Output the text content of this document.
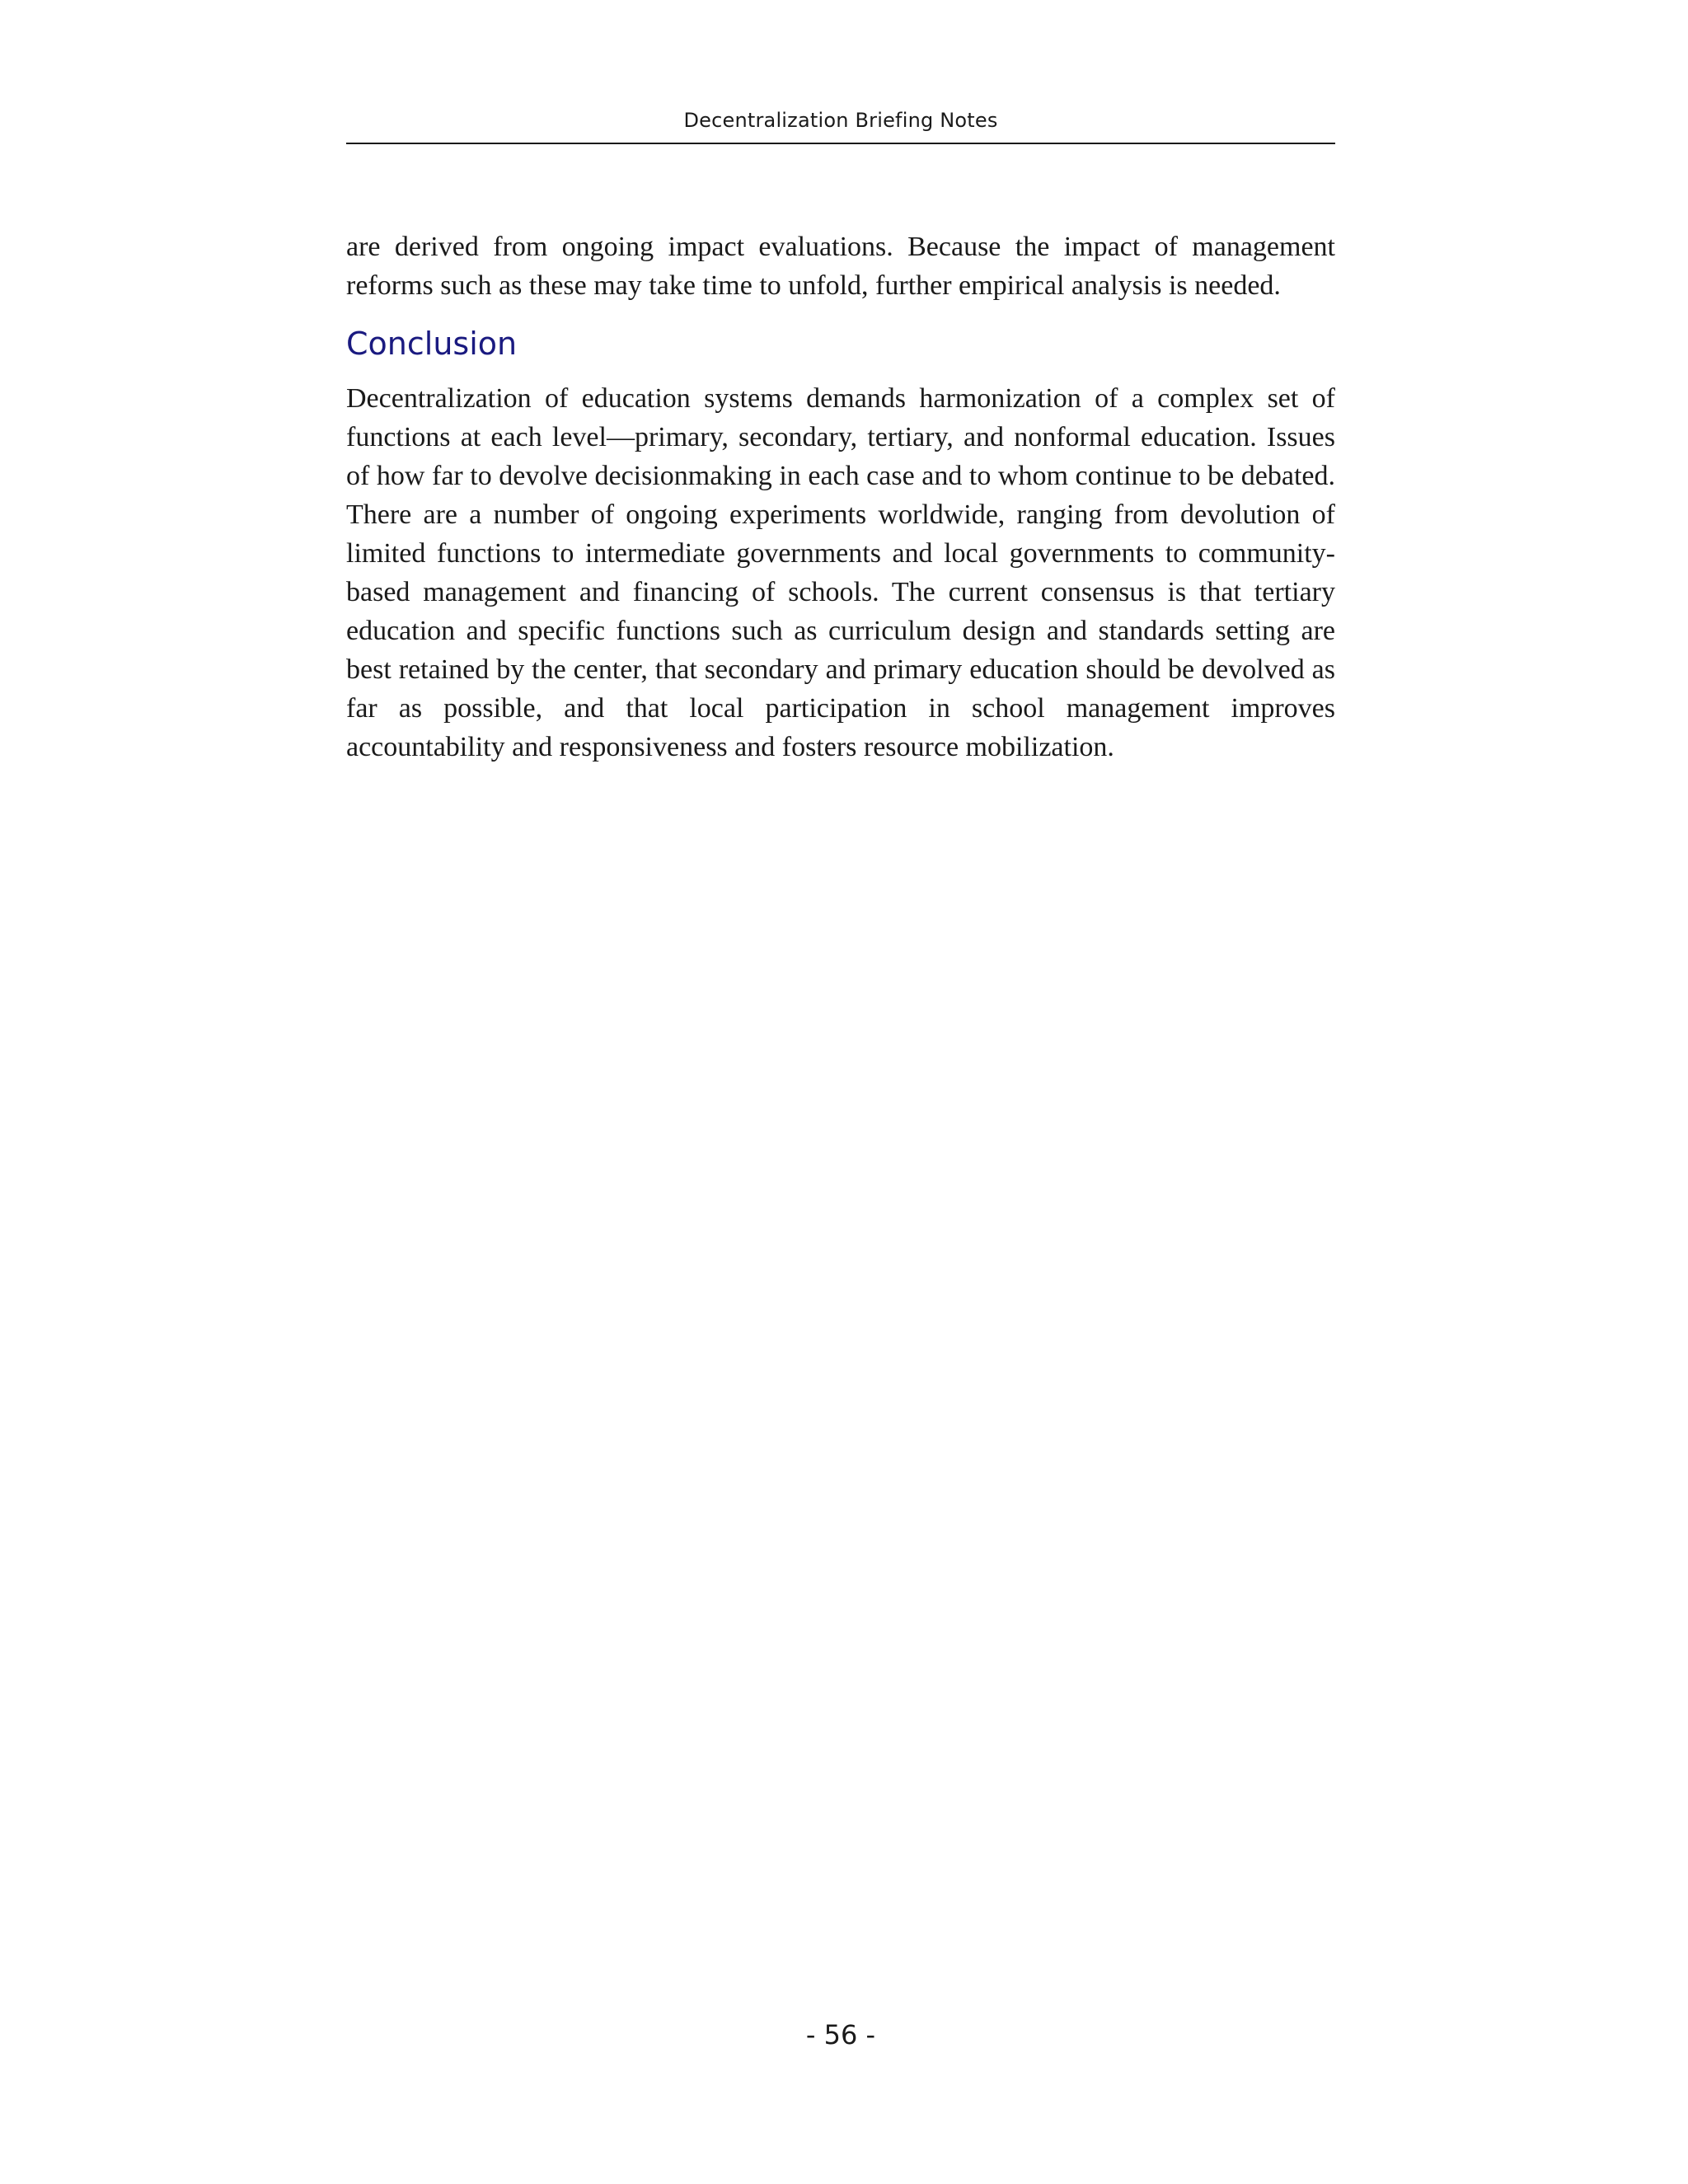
Decentralization Briefing Notes

are derived from ongoing impact evaluations. Because the impact of management reforms such as these may take time to unfold, further empirical analysis is needed.

Conclusion

Decentralization of education systems demands harmonization of a complex set of functions at each level—primary, secondary, tertiary, and nonformal education. Issues of how far to devolve decisionmaking in each case and to whom continue to be debated. There are a number of ongoing experiments worldwide, ranging from devolution of limited functions to intermediate governments and local governments to community-based management and financing of schools. The current consensus is that tertiary education and specific functions such as curriculum design and standards setting are best retained by the center, that secondary and primary education should be devolved as far as possible, and that local participation in school management improves accountability and responsiveness and fosters resource mobilization.

- 56 -
